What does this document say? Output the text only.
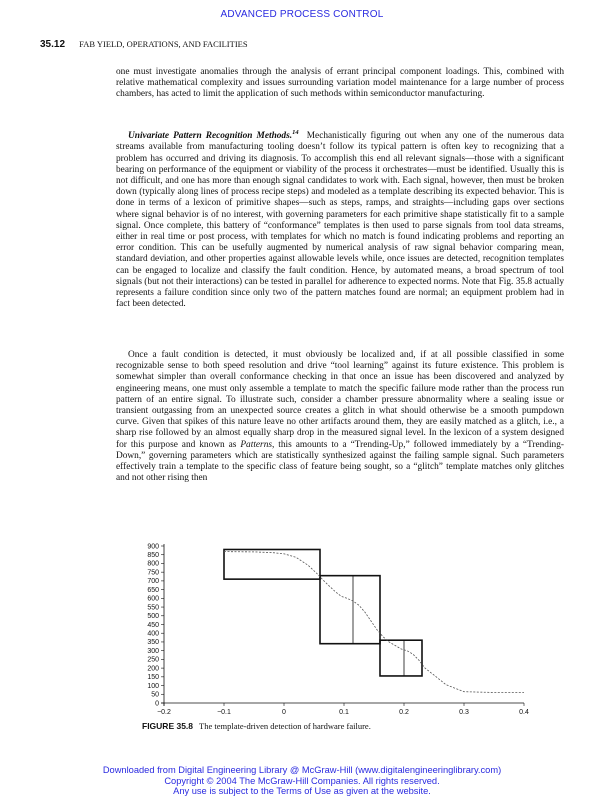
ADVANCED PROCESS CONTROL
35.12 FAB YIELD, OPERATIONS, AND FACILITIES

one must investigate anomalies through the analysis of errant principal component loadings. This, combined with relative mathematical complexity and issues surrounding variation model maintenance for a large number of process chambers, has acted to limit the application of such methods within semiconductor manufacturing.

Univariate Pattern Recognition Methods.$^{14}$ Mechanistically figuring out when any one of the numerous data streams available from manufacturing tooling doesn’t follow its typical pattern is often key to recognizing that a problem has occurred and driving its diagnosis. To accomplish this end all relevant signals—those with a significant bearing on performance of the equipment or viability of the process it orchestrates—must be identified. Usually this is not difficult, and one has more than enough signal candidates to work with. Each signal, however, then must be broken down (typically along lines of process recipe steps) and modeled as a template describing its expected behavior. This is done in terms of a lexicon of primitive shapes—such as steps, ramps, and straights—including gaps over sections where signal behavior is of no interest, with governing parameters for each primitive shape statistically fit to a sample signal. Once complete, this battery of “conformance” templates is then used to parse signals from tool data streams, either in real time or post process, with templates for which no match is found indicating problems and reporting an error condition. This can be usefully augmented by numerical analysis of raw signal behavior comparing mean, standard deviation, and other properties against allowable levels while, once issues are detected, recognition templates can be engaged to localize and classify the fault condition. Hence, by automated means, a broad spectrum of tool signals (but not their interactions) can be tested in parallel for adherence to expected norms. Note that Fig. 35.8 actually represents a failure condition since only two of the pattern matches found are normal; an equipment problem had in fact been detected.

Once a fault condition is detected, it must obviously be localized and, if at all possible classified in some recognizable sense to both speed resolution and drive “tool learning” against its future existence. This problem is somewhat simpler than overall conformance checking in that once an issue has been discovered and analyzed by engineering means, one must only assemble a template to match the specific failure mode rather than the process run pattern of an entire signal. To illustrate such, consider a chamber pressure abnormality where a sealing issue or transient outgassing from an unexpected source creates a glitch in what should otherwise be a smooth pumpdown curve. Given that spikes of this nature leave no other artifacts around them, they are easily matched as a glitch, i.e., a sharp rise followed by an almost equally sharp drop in the measured signal level. In the lexicon of a system designed for this purpose and known as Patterns, this amounts to a “Trending-Up,” followed immediately by a “Trending-Down,” governing parameters which are statistically synthesized against the failing sample signal. Such parameters effectively train a template to the specific class of feature being sought, so a “glitch” template matches only glitches and not other rising then

900
850
800
750
700
650
600
550
500
450
400
350
300
250
200
150
100
50
0
−0.2	−0.1	0	0.1	0.2	0.3	0.4
FIGURE 35.8 The template-driven detection of hardware failure.
Downloaded from Digital Engineering Library @ McGraw-Hill (www.digitalengineeringlibrary.com)
Copyright © 2004 The McGraw-Hill Companies. All rights reserved.
Any use is subject to the Terms of Use as given at the website.
